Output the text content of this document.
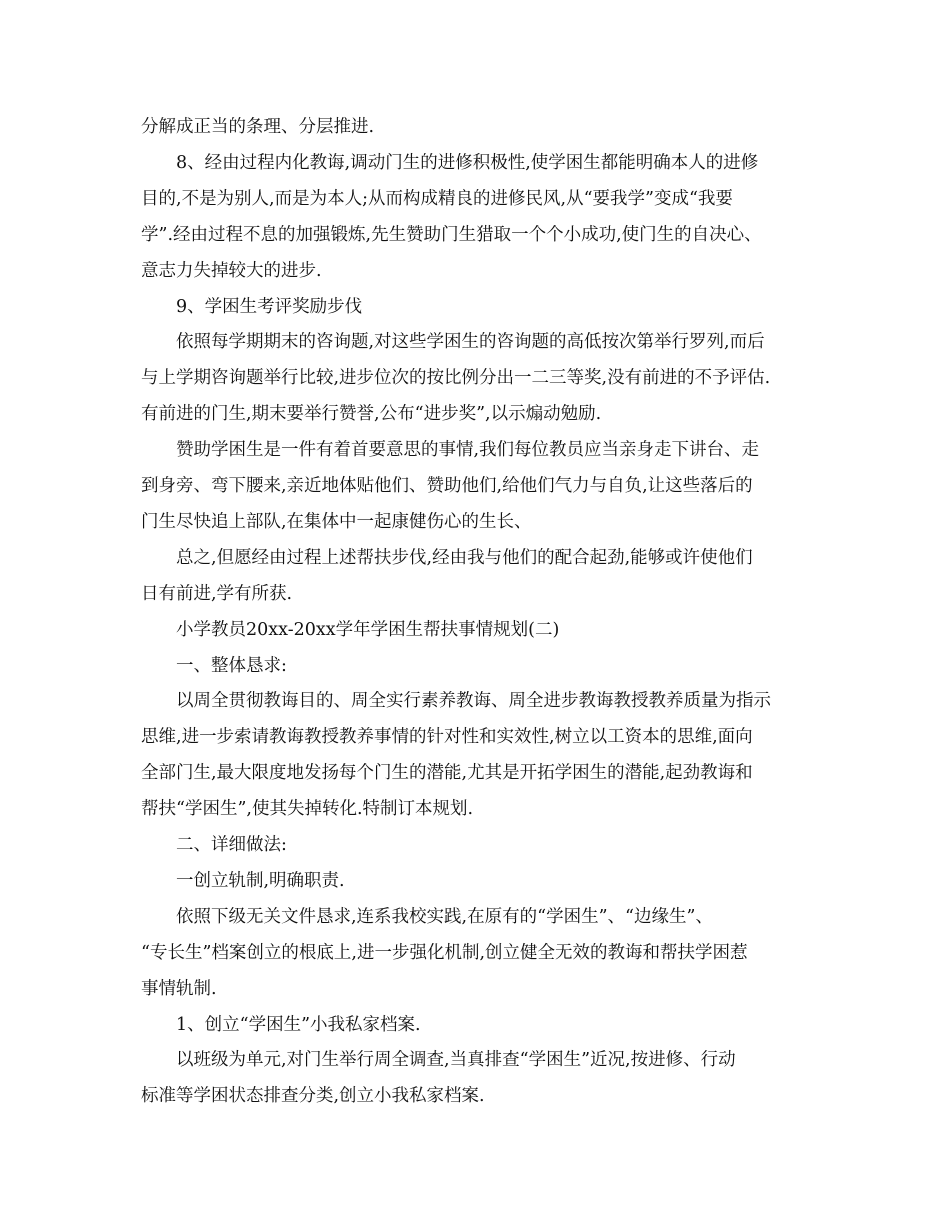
分解成正当的条理、分层推进.

8、经由过程内化教诲,调动门生的进修积极性,使学困生都能明确本人的进修

目的,不是为别人,而是为本人;从而构成精良的进修民风,从“要我学”变成“我要

学”.经由过程不息的加强锻炼,先生赞助门生猎取一个个小成功,使门生的自决心、

意志力失掉较大的进步.

9、学困生考评奖励步伐

依照每学期期末的咨询题,对这些学困生的咨询题的高低按次第举行罗列,而后

与上学期咨询题举行比较,进步位次的按比例分出一二三等奖,没有前进的不予评估.

有前进的门生,期末要举行赞誉,公布“进步奖”,以示煽动勉励.

赞助学困生是一件有着首要意思的事情,我们每位教员应当亲身走下讲台、走

到身旁、弯下腰来,亲近地体贴他们、赞助他们,给他们气力与自负,让这些落后的

门生尽快追上部队,在集体中一起康健伤心的生长、

总之,但愿经由过程上述帮扶步伐,经由我与他们的配合起劲,能够或许使他们

日有前进,学有所获.

小学教员20xx-20xx学年学困生帮扶事情规划(二)

一、整体恳求:

以周全贯彻教诲目的、周全实行素养教诲、周全进步教诲教授教养质量为指示

思维,进一步索请教诲教授教养事情的针对性和实效性,树立以工资本的思维,面向

全部门生,最大限度地发扬每个门生的潜能,尤其是开拓学困生的潜能,起劲教诲和

帮扶“学困生”,使其失掉转化.特制订本规划.

二、详细做法:

一创立轨制,明确职责.

依照下级无关文件恳求,连系我校实践,在原有的“学困生”、“边缘生”、

“专长生”档案创立的根底上,进一步强化机制,创立健全无效的教诲和帮扶学困惹

事情轨制.

1、创立“学困生”小我私家档案.

以班级为单元,对门生举行周全调查,当真排查“学困生”近况,按进修、行动

标准等学困状态排查分类,创立小我私家档案.
